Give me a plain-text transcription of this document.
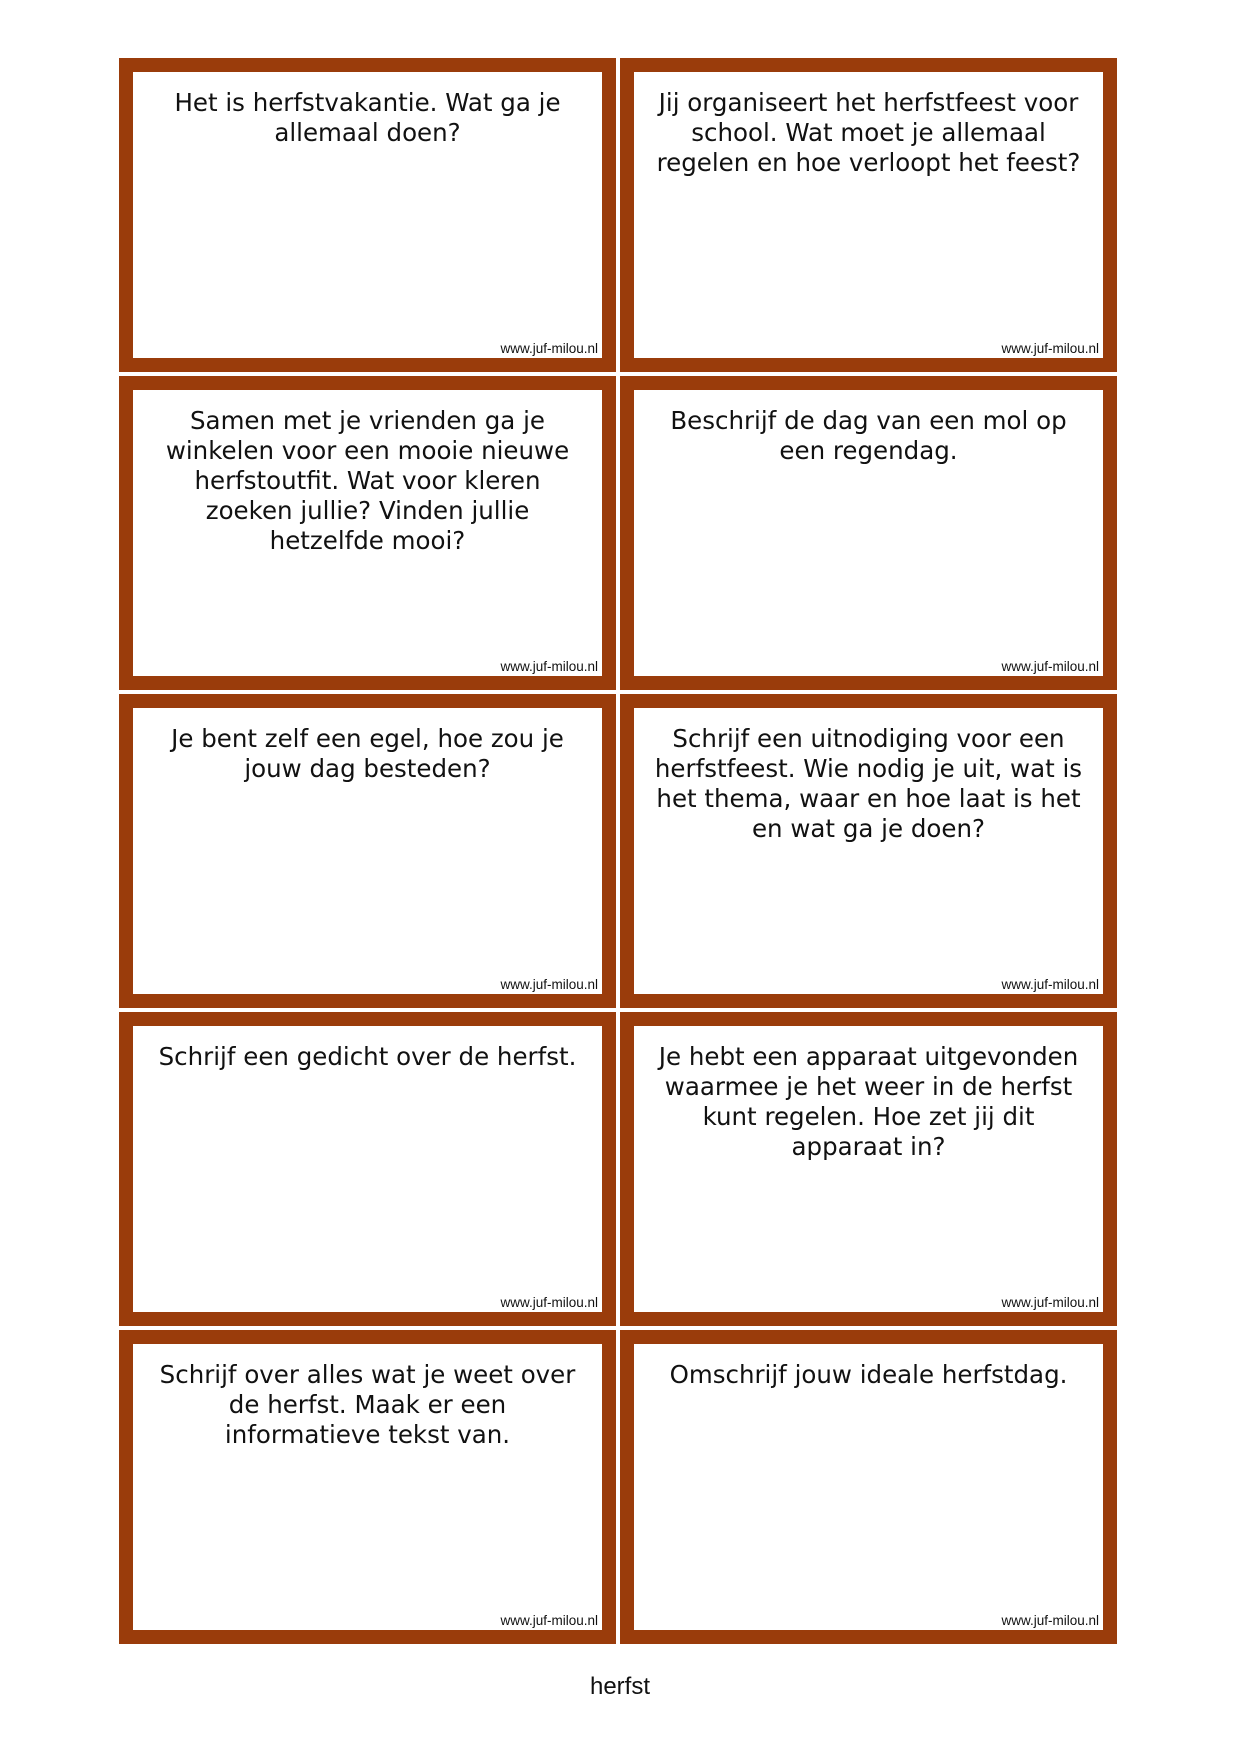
Het is herfstvakantie. Wat ga je allemaal doen?

www.juf-milou.nl

Jij organiseert het herfstfeest voor school. Wat moet je allemaal regelen en hoe verloopt het feest?

www.juf-milou.nl

Samen met je vrienden ga je winkelen voor een mooie nieuwe herfstoutfit. Wat voor kleren zoeken jullie? Vinden jullie hetzelfde mooi?

www.juf-milou.nl

Beschrijf de dag van een mol op een regendag.

www.juf-milou.nl

Je bent zelf een egel, hoe zou je jouw dag besteden?

www.juf-milou.nl

Schrijf een uitnodiging voor een herfstfeest. Wie nodig je uit, wat is het thema, waar en hoe laat is het en wat ga je doen?

www.juf-milou.nl

Schrijf een gedicht over de herfst.

www.juf-milou.nl

Je hebt een apparaat uitgevonden waarmee je het weer in de herfst kunt regelen. Hoe zet jij dit apparaat in?

www.juf-milou.nl

Schrijf over alles wat je weet over de herfst. Maak er een informatieve tekst van.

www.juf-milou.nl

Omschrijf jouw ideale herfstdag.

www.juf-milou.nl
herfst
